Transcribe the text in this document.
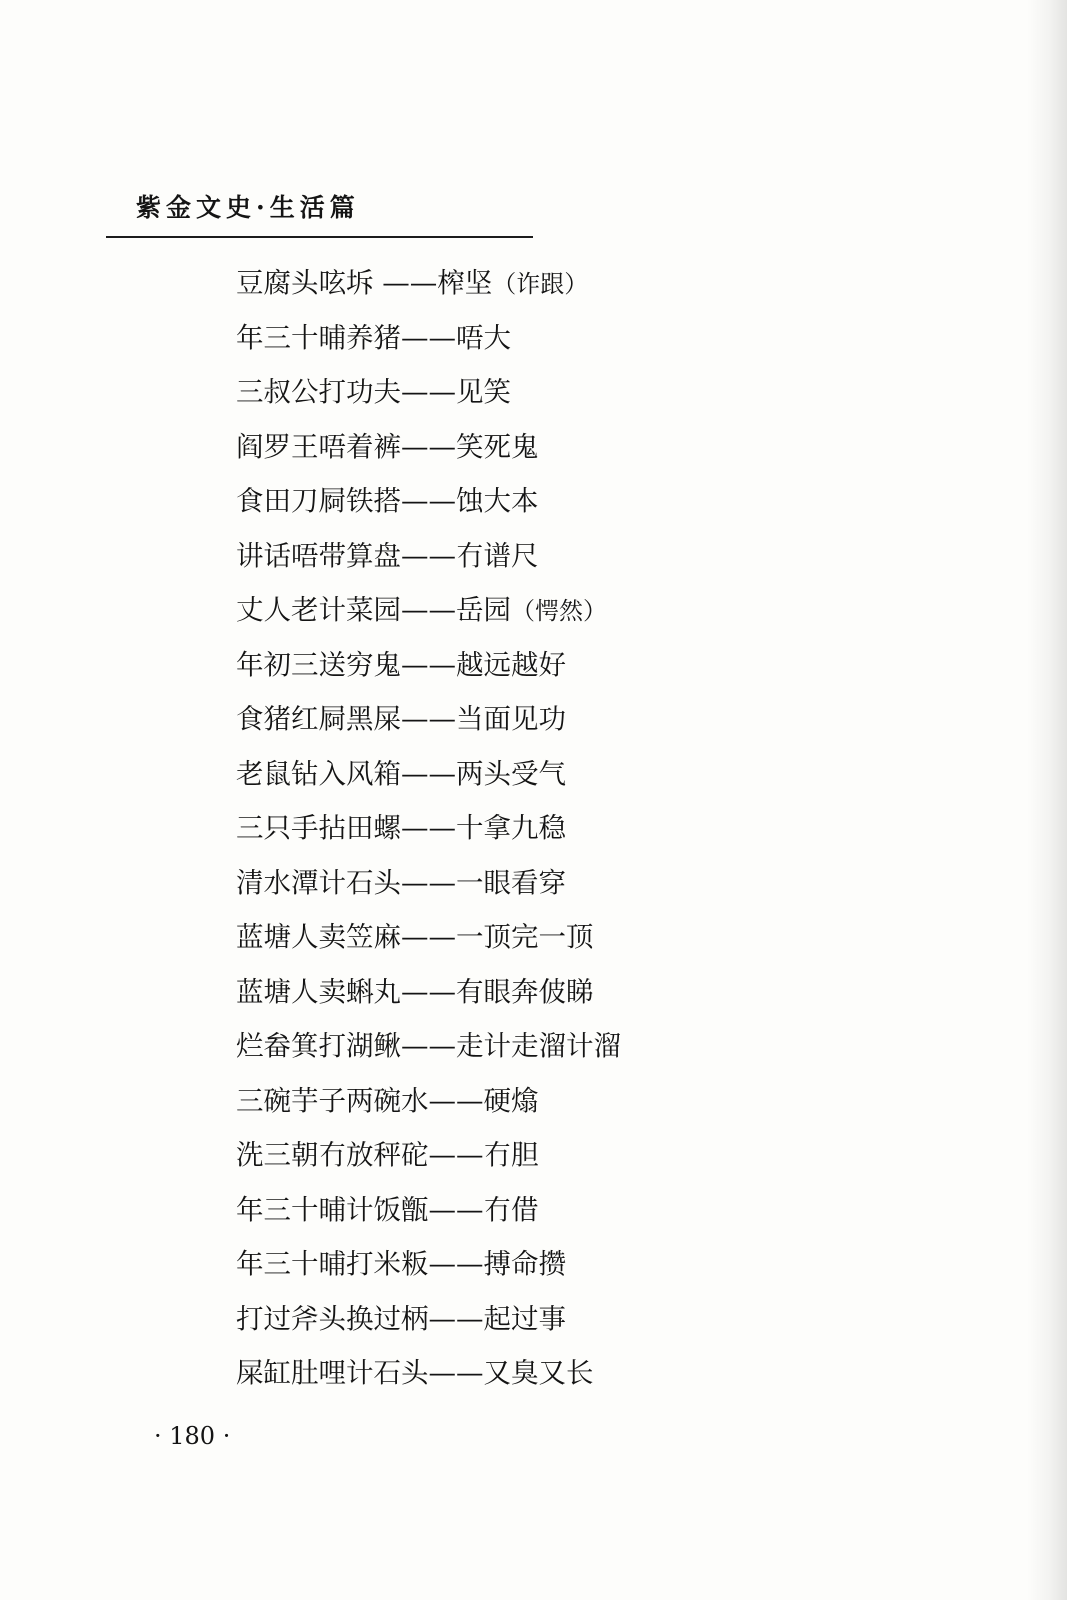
紫金文史·生活篇
豆腐头呟坼 ——榨坚（诈跟）
年三十晡养猪——唔大
三叔公打功夫——见笑
阎罗王唔着裤——笑死鬼
食田刀屙铁搭——蚀大本
讲话唔带算盘——冇谱尺
丈人老计菜园——岳园（愕然）
年初三送穷鬼——越远越好
食猪红屙黑屎——当面见功
老鼠钻入风箱——两头受气
三只手拈田螺——十拿九稳
清水潭计石头——一眼看穿
蓝塘人卖笠麻——一顶完一顶
蓝塘人卖蝌丸——有眼奔佊睇
烂畚箕打湖鳅——走计走溜计溜
三碗芋子两碗水——硬熻
洗三朝冇放秤砣——冇胆
年三十晡计饭甑——冇借
年三十晡打米粄——搏命攒
打过斧头换过柄——起过事
屎缸肚哩计石头——又臭又长
· 180 ·
